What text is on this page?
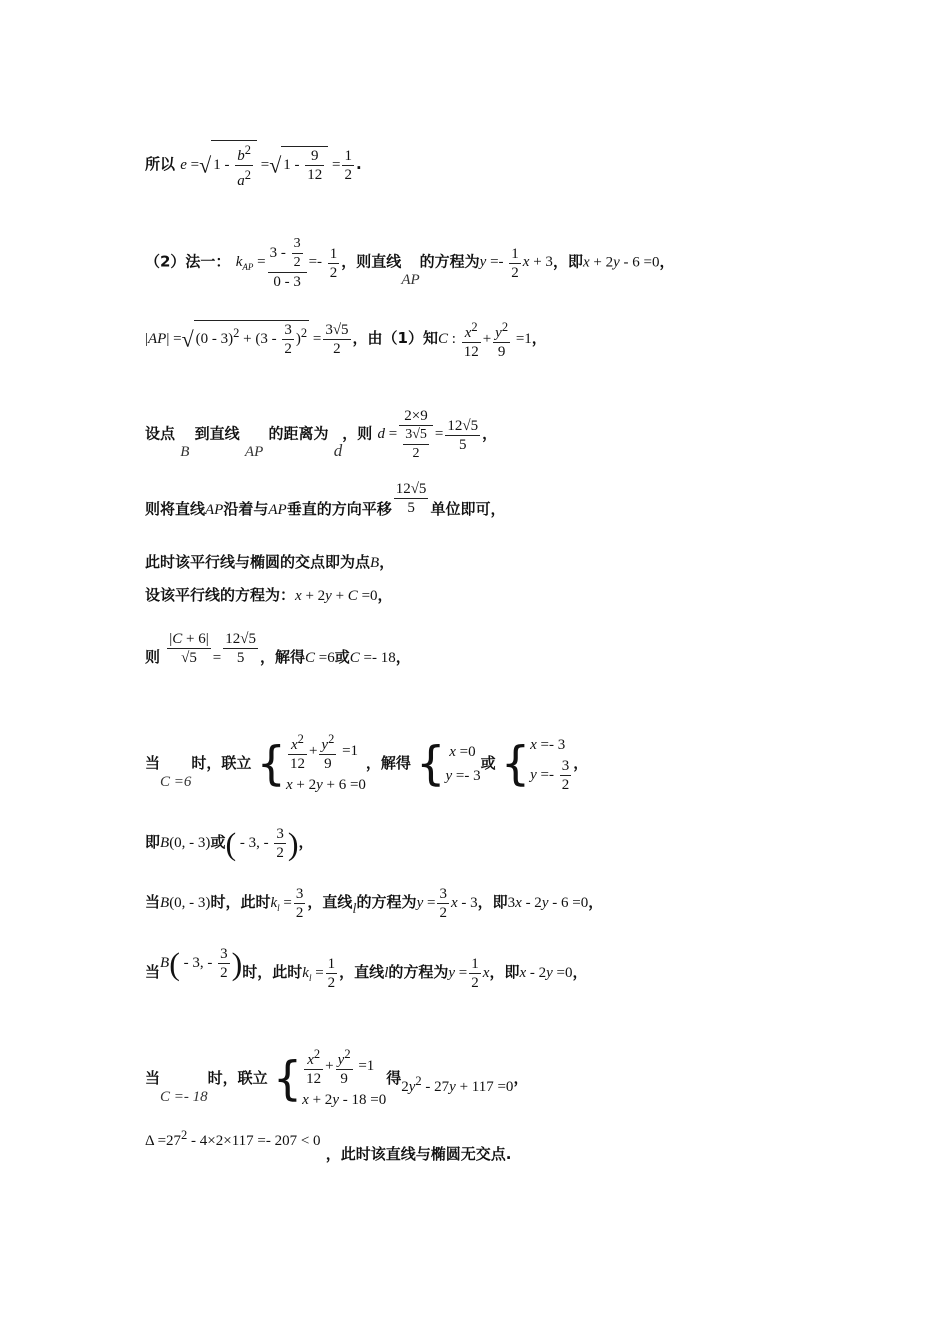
所以 e =√ $1 - \frac{b^2}{a^2}$ =√ $1 - \frac{9}{12} = \frac{1}{2}$ .
（2）法一： $k_{AP} = \frac{3 - \frac{3}{2}}{0 - 3} =- \frac{1}{2}$ ，则直线AP的方程为$y =- \frac{1}{2}$ x + 3，即x + 2y - 6 =0，
|AP| =√ $(0 - 3)^2 + (3 - \frac{3}{2} )^2 = \frac{3√5}{2}$ ，由（1）知C : $\frac{x^2}{12} + \frac{y^2}{9} =1$，
设点 B 到直线 AP 的距离为 d，则 $d = \frac{2\times 9}{\frac{3√5}{2}} = \frac{12√5}{5}$ ，
则将直线AP沿着与AP垂直的方向平移 $\frac{12√5}{5}$ 单位即可，
此时该平行线与椭圆的交点即为点B，
设该平行线的方程为：x + 2y + C =0，
则 $\frac{|C + 6|}{√5} = \frac{12√5}{5}$ ，解得C =6或C =- 18，
当C =6时，联立 { $\frac{x^2}{12} + \frac{y^2}{9} =1$
x + 2y + 6 =0，解得 { x =0
y =- 3或 {x =- 3
$y =- \frac{3}{2}$ ，
即B(0, - 3)或( - 3, - $\frac{3}{2}$ )，
当B(0, - 3)时，此时$k_l = \frac{3}{2}$ ，直线l的方程为$y = \frac{3}{2}$ x - 3，即3x - 2y - 6 =0，
当B( - 3, - $\frac{3}{2}$ )时，此时$k_l = \frac{1}{2}$ ，直线l的方程为$y = \frac{1}{2}$ x，即x - 2y =0，
当C =- 18时，联立 { $\frac{x^2}{12} + \frac{y^2}{9} =1$
x + 2y - 18 =0得$2y^2 - 27y + 117 =0$，
$\Delta =27^2 - 4\times 2\times 117 =- 207 < 0$ ，此时该直线与椭圆无交点.
